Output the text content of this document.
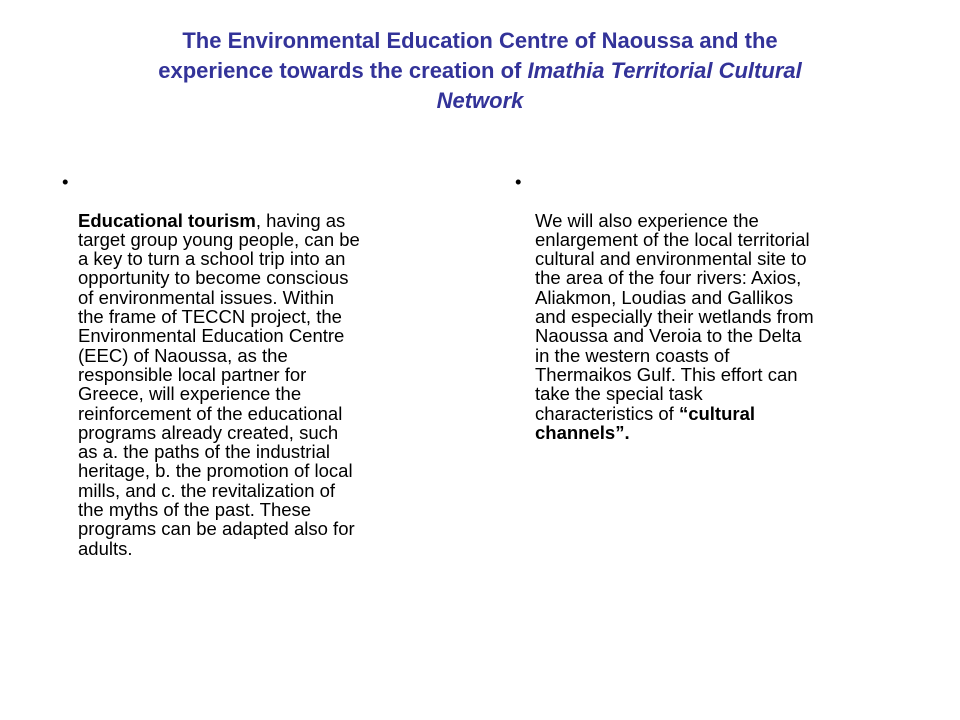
The Environmental Education Centre of Naoussa and the
experience towards the creation of Imathia Territorial Cultural
Network

•

Educational tourism, having as
target group young people, can be
a key to turn a school trip into an
opportunity to become conscious
of environmental issues. Within
the frame of TECCN project, the
Environmental Education Centre
(EEC) of Naoussa, as the
responsible local partner for
Greece, will experience the
reinforcement of the educational
programs already created, such
as a. the paths of the industrial
heritage, b. the promotion of local
mills, and c. the revitalization of
the myths of the past. These
programs can be adapted also for
adults.

•

We will also experience the
enlargement of the local territorial
cultural and environmental site to
the area of the four rivers: Axios,
Aliakmon, Loudias and Gallikos
and especially their wetlands from
Naoussa and Veroia to the Delta
in the western coasts of
Thermaikos Gulf. This effort can
take the special task
characteristics of “cultural
channels”.
